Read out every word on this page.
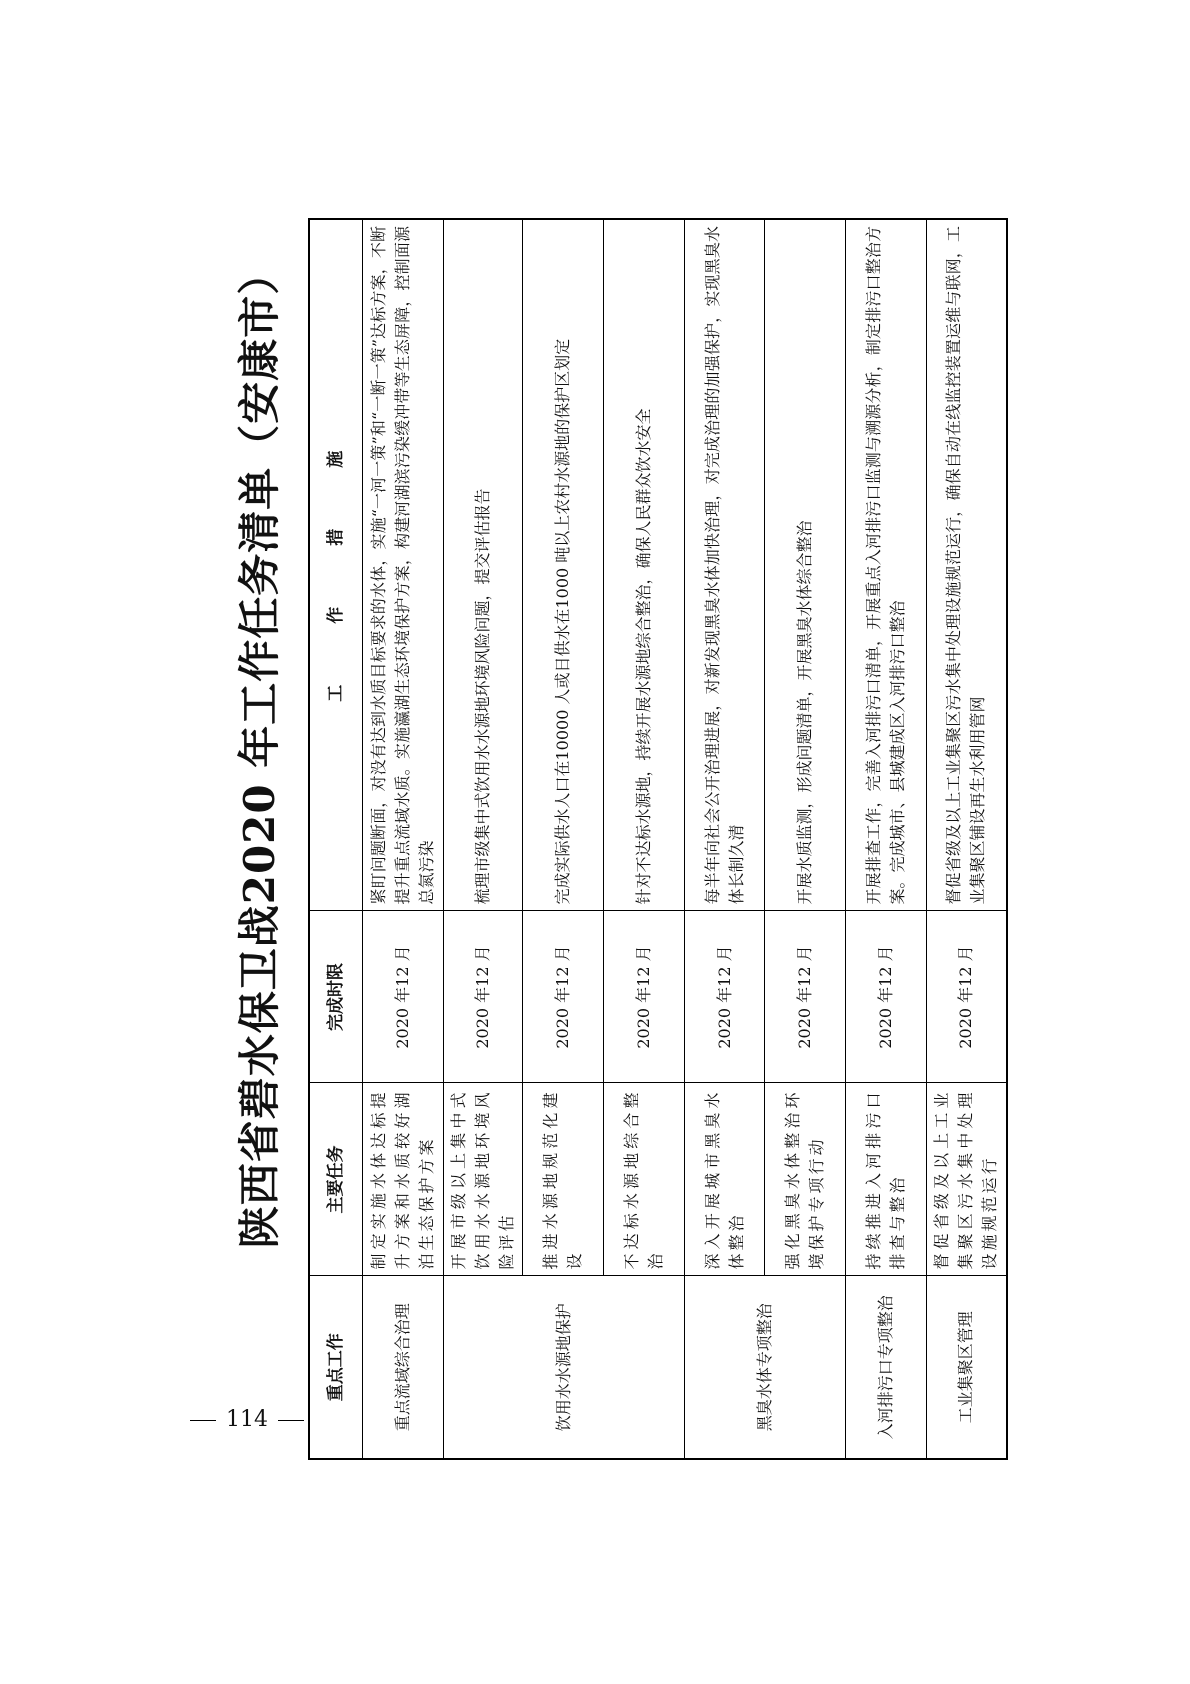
陕西省碧水保卫战2020 年工作任务清单（安康市）
重点工作	主要任务	完成时限	工　作　措　施
重点流域综合治理	制定实施水体达标提升方案和水质较好湖泊生态保护方案	2020 年12 月	紧盯问题断面，对没有达到水质目标要求的水体，实施“一河一策”和“一断一策”达标方案，不断提升重点流域水质。实施瀛湖生态环境保护方案，构建河湖滨污染缓冲带等生态屏障，控制面源总氮污染
饮用水水源地保护	开展市级以上集中式饮用水水源地环境风险评估	2020 年12 月	梳理市级集中式饮用水水源地环境风险问题，提交评估报告
	推进水源地规范化建设	2020 年12 月	完成实际供水人口在10000 人或日供水在1000 吨以上农村水源地的保护区划定
	不达标水源地综合整治	2020 年12 月	针对不达标水源地，持续开展水源地综合整治，确保人民群众饮水安全
黑臭水体专项整治	深入开展城市黑臭水体整治	2020 年12 月	每半年向社会公开治理进展，对新发现黑臭水体加快治理，对完成治理的加强保护，实现黑臭水体长制久清
	强化黑臭水体整治环境保护专项行动	2020 年12 月	开展水质监测，形成问题清单，开展黑臭水体综合整治
入河排污口专项整治	持续推进入河排污口排查与整治	2020 年12 月	开展排查工作，完善入河排污口清单，开展重点入河排污口监测与溯源分析，制定排污口整治方案。完成城市、县城建成区入河排污口整治
工业集聚区管理	督促省级及以上工业集聚区污水集中处理设施规范运行	2020 年12 月	督促省级及以上工业集聚区污水集中处理设施规范运行，确保自动在线监控装置运维与联网，工业集聚区铺设再生水利用管网
114
